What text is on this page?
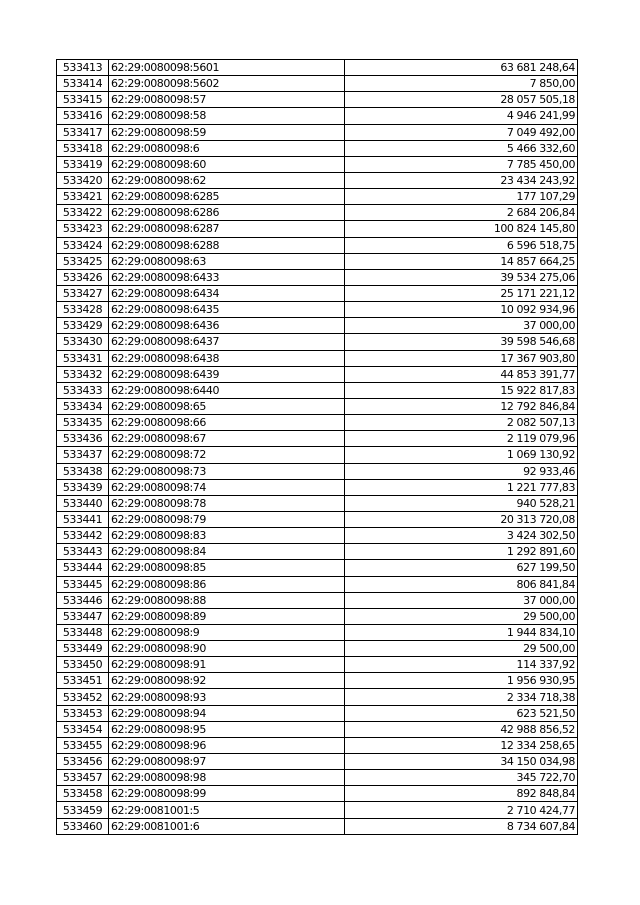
533413	62:29:0080098:5601	63 681 248,64
533414	62:29:0080098:5602	7 850,00
533415	62:29:0080098:57	28 057 505,18
533416	62:29:0080098:58	4 946 241,99
533417	62:29:0080098:59	7 049 492,00
533418	62:29:0080098:6	5 466 332,60
533419	62:29:0080098:60	7 785 450,00
533420	62:29:0080098:62	23 434 243,92
533421	62:29:0080098:6285	177 107,29
533422	62:29:0080098:6286	2 684 206,84
533423	62:29:0080098:6287	100 824 145,80
533424	62:29:0080098:6288	6 596 518,75
533425	62:29:0080098:63	14 857 664,25
533426	62:29:0080098:6433	39 534 275,06
533427	62:29:0080098:6434	25 171 221,12
533428	62:29:0080098:6435	10 092 934,96
533429	62:29:0080098:6436	37 000,00
533430	62:29:0080098:6437	39 598 546,68
533431	62:29:0080098:6438	17 367 903,80
533432	62:29:0080098:6439	44 853 391,77
533433	62:29:0080098:6440	15 922 817,83
533434	62:29:0080098:65	12 792 846,84
533435	62:29:0080098:66	2 082 507,13
533436	62:29:0080098:67	2 119 079,96
533437	62:29:0080098:72	1 069 130,92
533438	62:29:0080098:73	92 933,46
533439	62:29:0080098:74	1 221 777,83
533440	62:29:0080098:78	940 528,21
533441	62:29:0080098:79	20 313 720,08
533442	62:29:0080098:83	3 424 302,50
533443	62:29:0080098:84	1 292 891,60
533444	62:29:0080098:85	627 199,50
533445	62:29:0080098:86	806 841,84
533446	62:29:0080098:88	37 000,00
533447	62:29:0080098:89	29 500,00
533448	62:29:0080098:9	1 944 834,10
533449	62:29:0080098:90	29 500,00
533450	62:29:0080098:91	114 337,92
533451	62:29:0080098:92	1 956 930,95
533452	62:29:0080098:93	2 334 718,38
533453	62:29:0080098:94	623 521,50
533454	62:29:0080098:95	42 988 856,52
533455	62:29:0080098:96	12 334 258,65
533456	62:29:0080098:97	34 150 034,98
533457	62:29:0080098:98	345 722,70
533458	62:29:0080098:99	892 848,84
533459	62:29:0081001:5	2 710 424,77
533460	62:29:0081001:6	8 734 607,84
